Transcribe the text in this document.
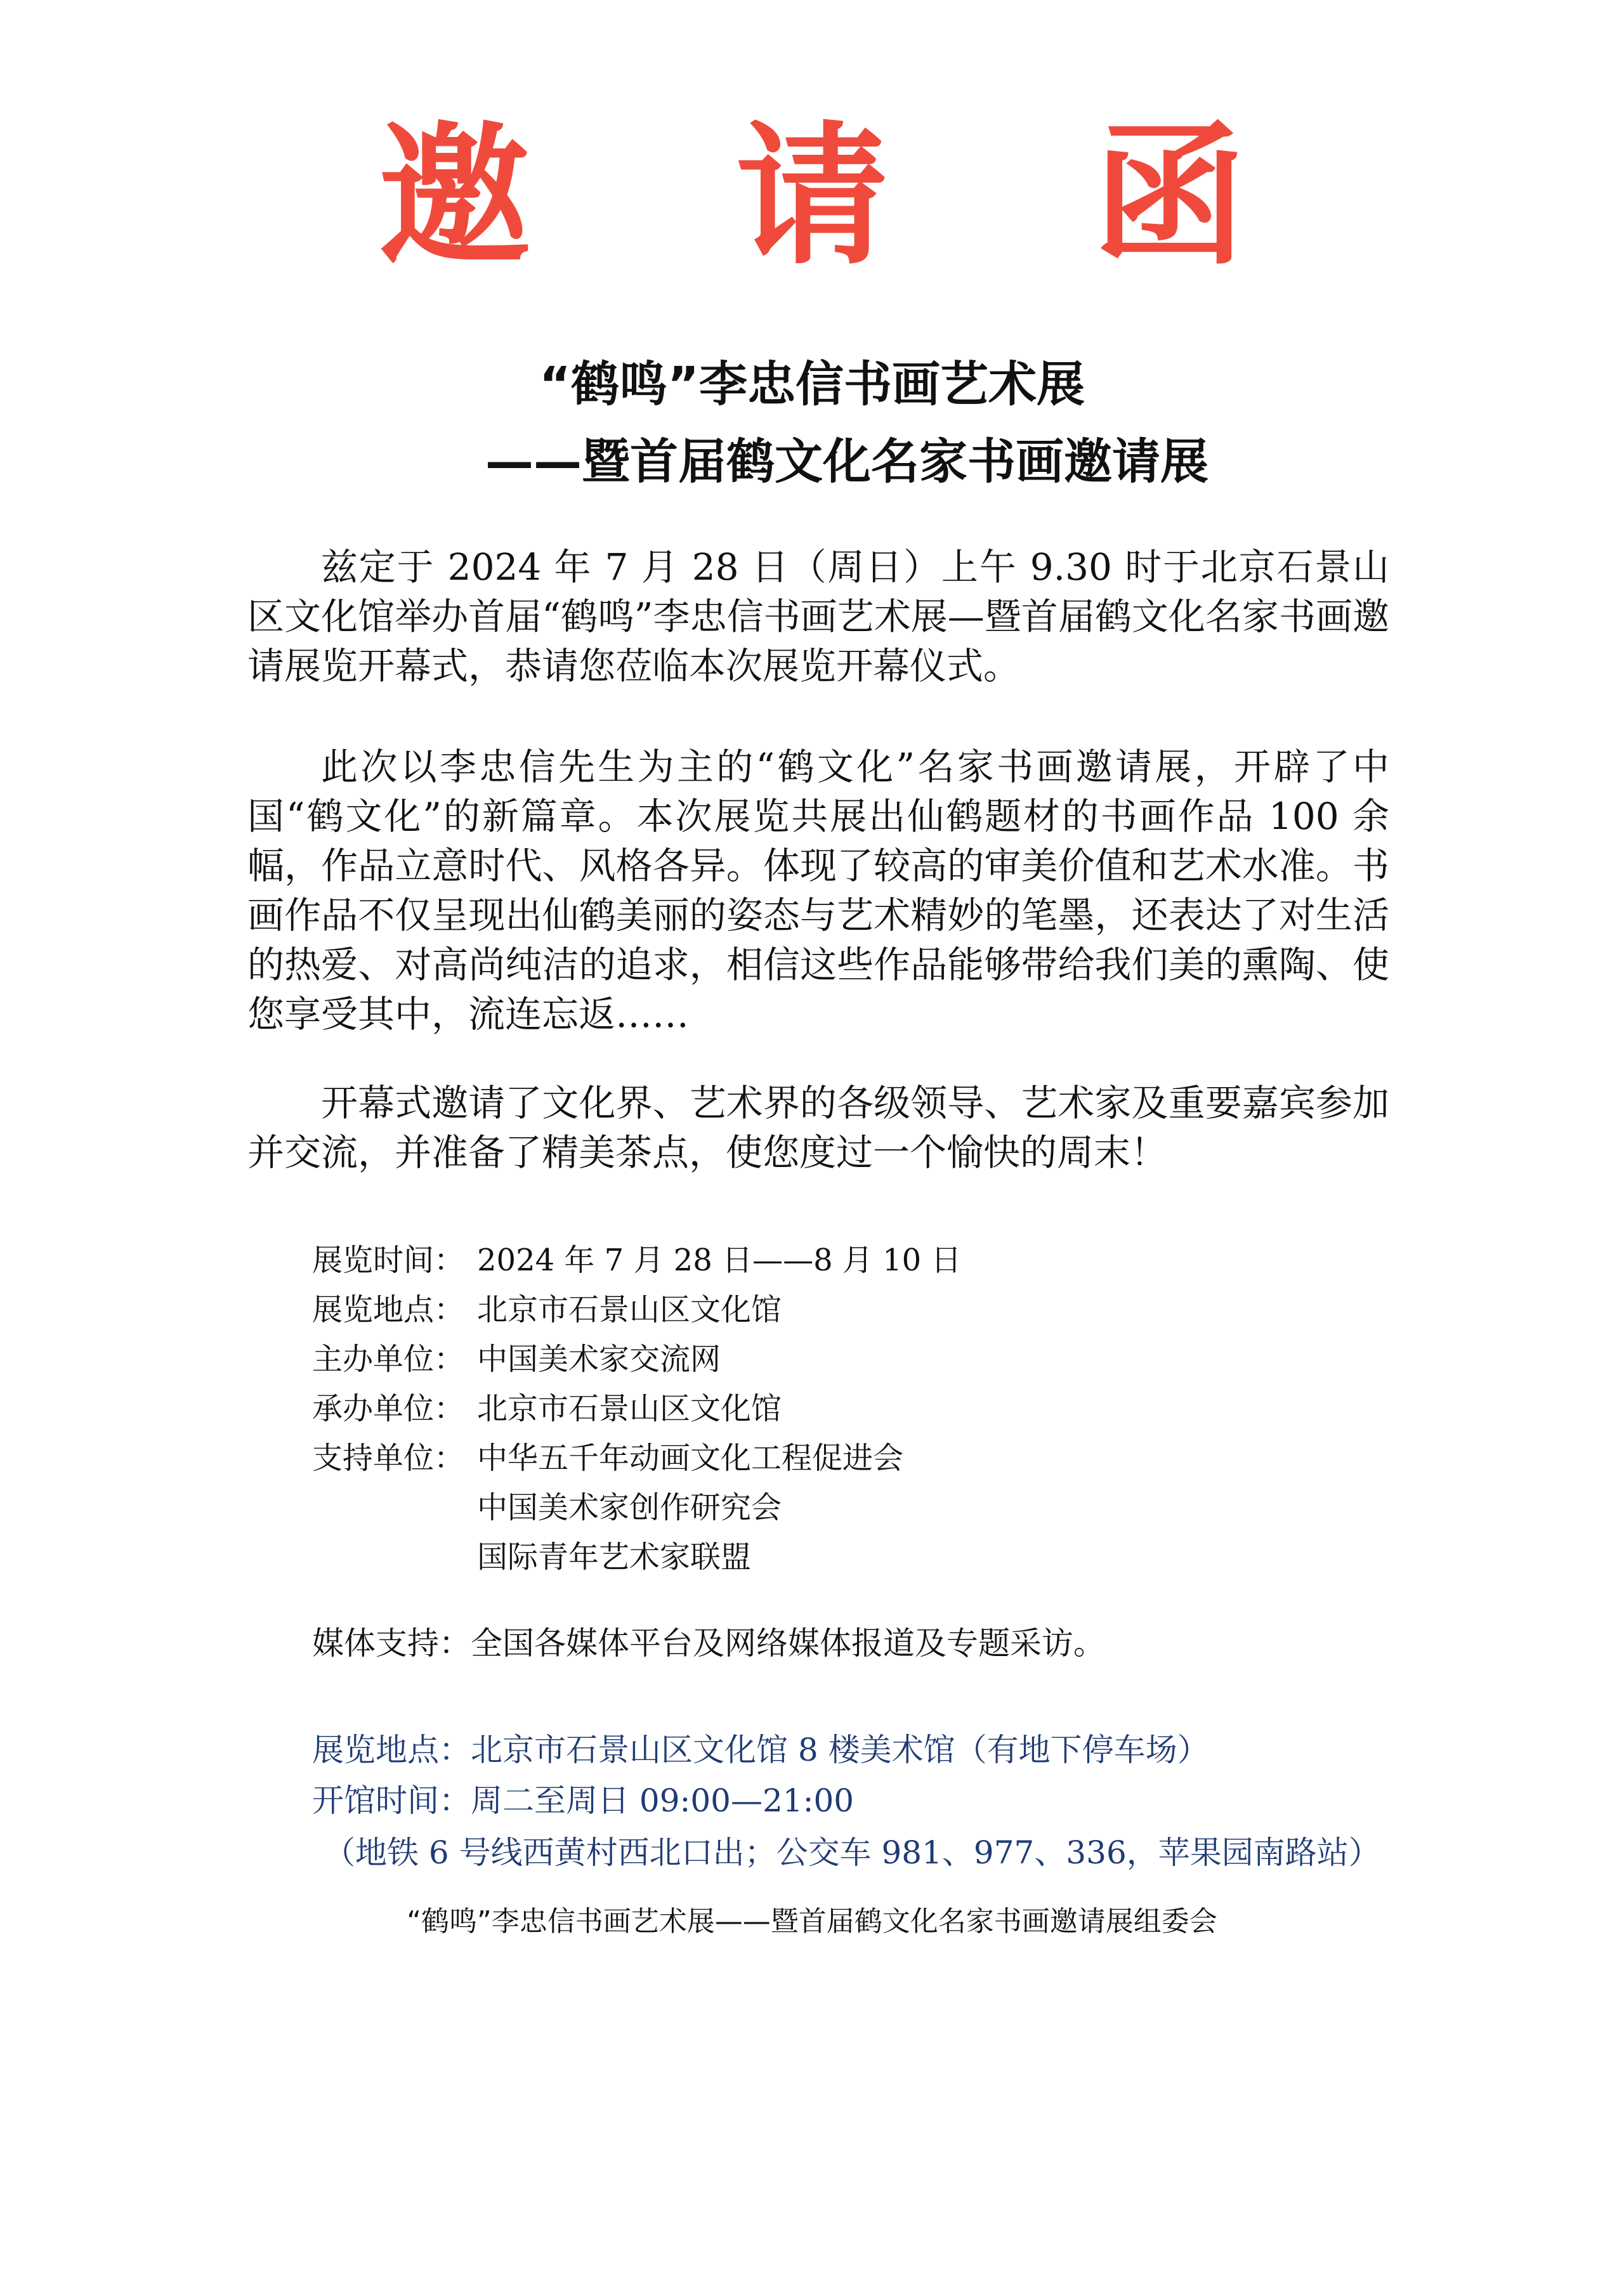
邀 请 函
“鹤鸣”李忠信书画艺术展
——暨首届鹤文化名家书画邀请展

兹定于 2024 年 7 月 28 日（周日）上午 9.30 时于北京石景山区文化馆举办首届“鹤鸣”李忠信书画艺术展—暨首届鹤文化名家书画邀请展览开幕式，恭请您莅临本次展览开幕仪式。

此次以李忠信先生为主的“鹤文化”名家书画邀请展，开辟了中国“鹤文化”的新篇章。本次展览共展出仙鹤题材的书画作品 100 余幅，作品立意时代、风格各异。体现了较高的审美价值和艺术水准。书画作品不仅呈现出仙鹤美丽的姿态与艺术精妙的笔墨，还表达了对生活的热爱、对高尚纯洁的追求，相信这些作品能够带给我们美的熏陶、使您享受其中，流连忘返……

开幕式邀请了文化界、艺术界的各级领导、艺术家及重要嘉宾参加并交流，并准备了精美茶点，使您度过一个愉快的周末！

展览时间： 2024 年 7 月 28 日——8 月 10 日
展览地点： 北京市石景山区文化馆
主办单位： 中国美术家交流网
承办单位： 北京市石景山区文化馆
支持单位： 中华五千年动画文化工程促进会
中国美术家创作研究会
国际青年艺术家联盟
媒体支持：全国各媒体平台及网络媒体报道及专题采访。
展览地点：北京市石景山区文化馆 8 楼美术馆（有地下停车场）
开馆时间：周二至周日 09:00—21:00
（地铁 6 号线西黄村西北口出；公交车 981、977、336，苹果园南路站）
“鹤鸣”李忠信书画艺术展——暨首届鹤文化名家书画邀请展组委会
